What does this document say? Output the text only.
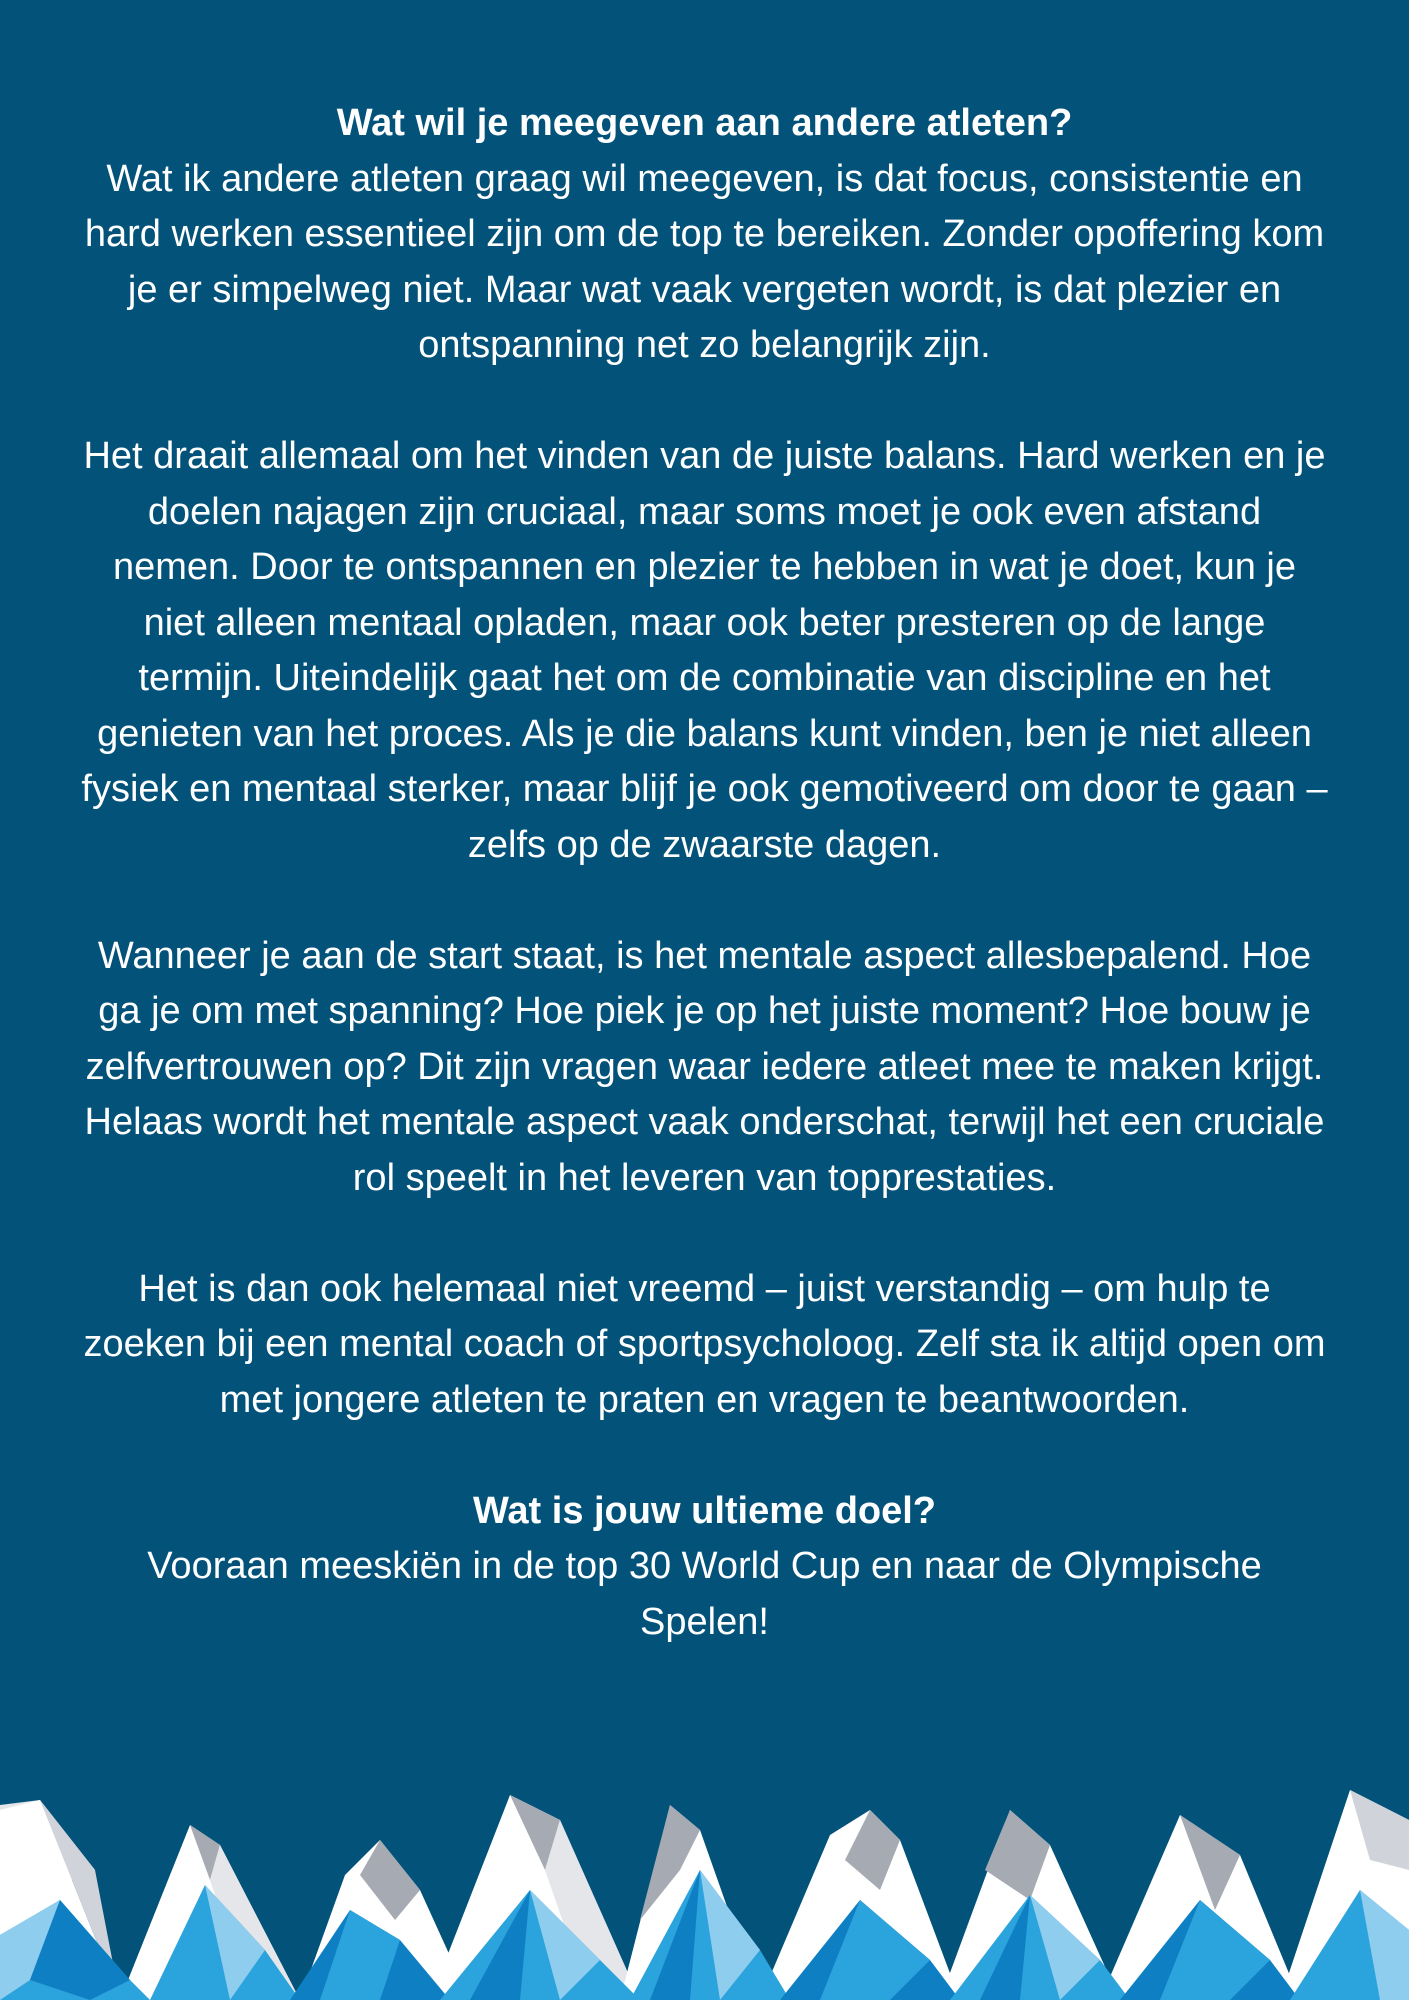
Wat wil je meegeven aan andere atleten?
Wat ik andere atleten graag wil meegeven, is dat focus, consistentie en hard werken essentieel zijn om de top te bereiken. Zonder opoffering kom je er simpelweg niet. Maar wat vaak vergeten wordt, is dat plezier en ontspanning net zo belangrijk zijn.

Het draait allemaal om het vinden van de juiste balans. Hard werken en je doelen najagen zijn cruciaal, maar soms moet je ook even afstand nemen. Door te ontspannen en plezier te hebben in wat je doet, kun je niet alleen mentaal opladen, maar ook beter presteren op de lange termijn. Uiteindelijk gaat het om de combinatie van discipline en het genieten van het proces. Als je die balans kunt vinden, ben je niet alleen fysiek en mentaal sterker, maar blijf je ook gemotiveerd om door te gaan – zelfs op de zwaarste dagen.

Wanneer je aan de start staat, is het mentale aspect allesbepalend. Hoe ga je om met spanning? Hoe piek je op het juiste moment? Hoe bouw je zelfvertrouwen op? Dit zijn vragen waar iedere atleet mee te maken krijgt. Helaas wordt het mentale aspect vaak onderschat, terwijl het een cruciale rol speelt in het leveren van topprestaties.

Het is dan ook helemaal niet vreemd – juist verstandig – om hulp te zoeken bij een mental coach of sportpsycholoog. Zelf sta ik altijd open om met jongere atleten te praten en vragen te beantwoorden.

Wat is jouw ultieme doel?
Vooraan meeskiën in de top 30 World Cup en naar de Olympische Spelen!
